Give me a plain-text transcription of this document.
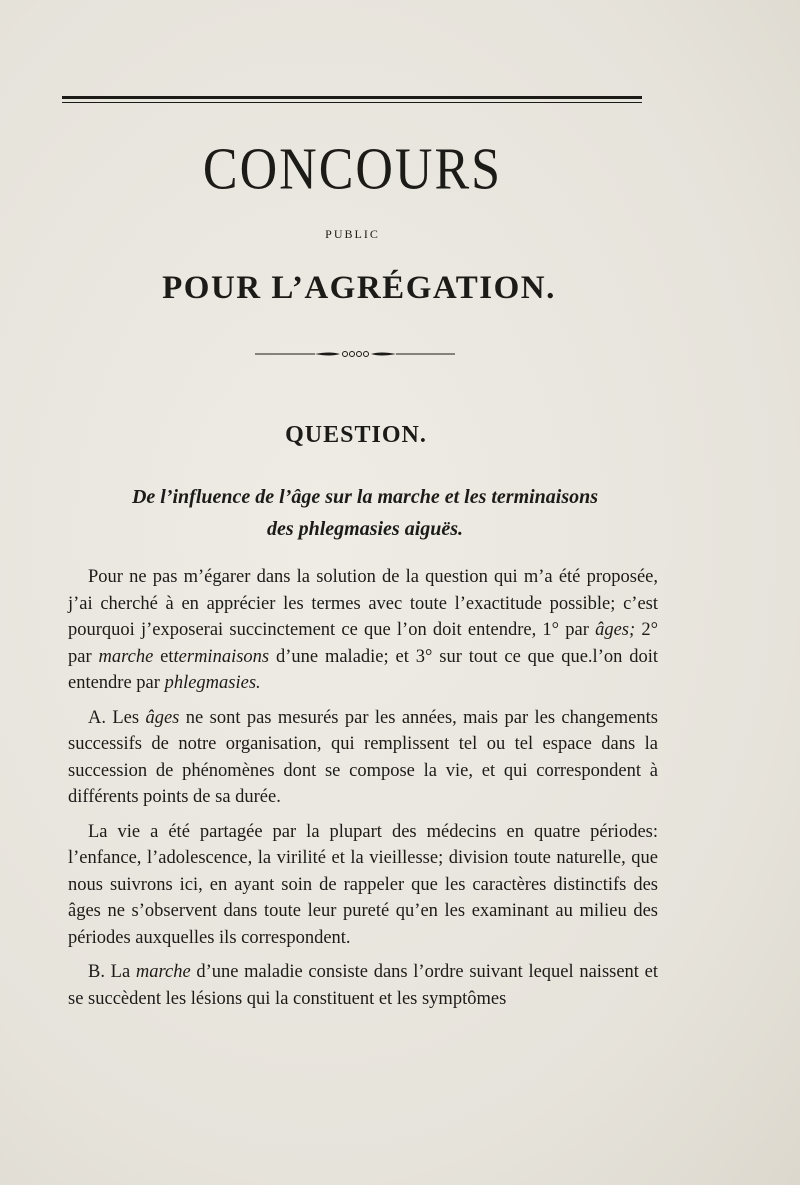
CONCOURS
PUBLIC
POUR L’AGRÉGATION.
QUESTION.
De l’influence de l’âge sur la marche et les terminaisons
des phlegmasies aiguës.

Pour ne pas m’égarer dans la solution de la question qui m’a été proposée, j’ai cherché à en apprécier les termes avec toute l’exactitude possible; c’est pourquoi j’exposerai succinctement ce que l’on doit entendre, 1° par âges; 2° par marche etterminaisons d’une maladie; et 3° sur tout ce que que.l’on doit entendre par phlegmasies.

A. Les âges ne sont pas mesurés par les années, mais par les changements successifs de notre organisation, qui remplissent tel ou tel espace dans la succession de phénomènes dont se compose la vie, et qui correspondent à différents points de sa durée.

La vie a été partagée par la plupart des médecins en quatre périodes: l’enfance, l’adolescence, la virilité et la vieillesse; division toute naturelle, que nous suivrons ici, en ayant soin de rappeler que les caractères distinctifs des âges ne s’observent dans toute leur pureté qu’en les examinant au milieu des périodes auxquelles ils correspondent.

B. La marche d’une maladie consiste dans l’ordre suivant lequel naissent et se succèdent les lésions qui la constituent et les symptômes
